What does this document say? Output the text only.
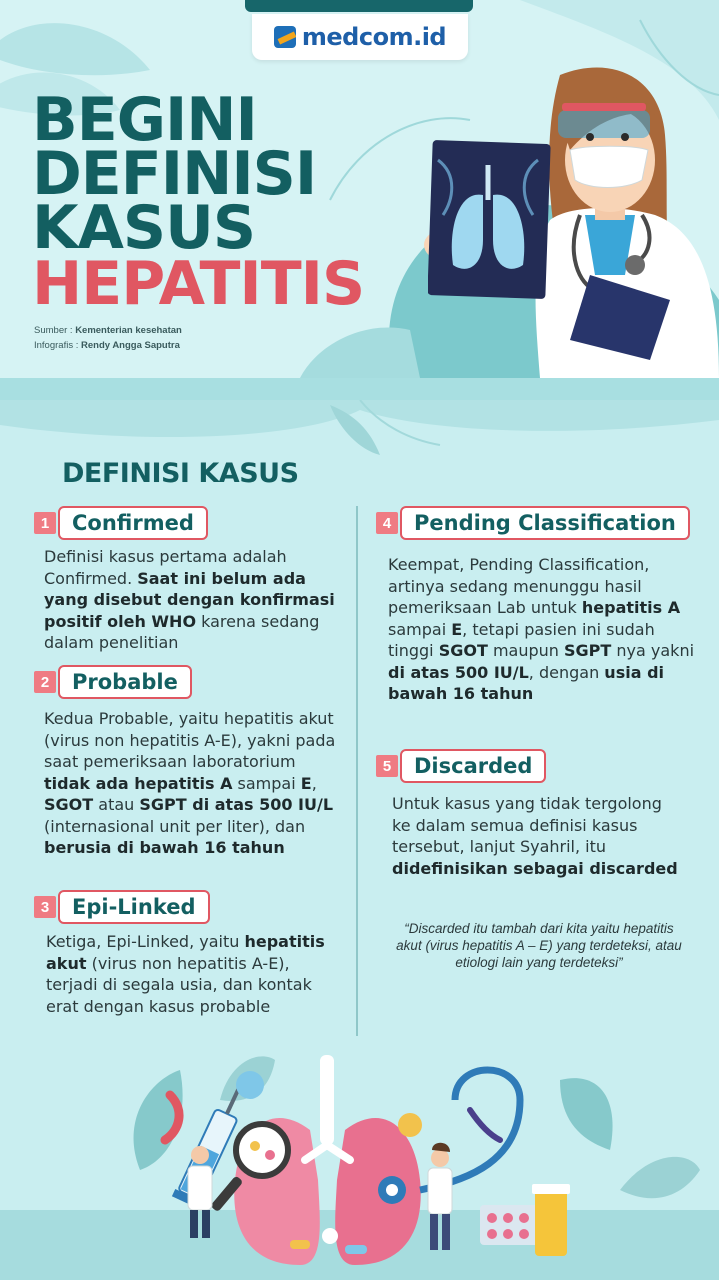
medcom.id
BEGINI
DEFINISI
KASUS
HEPATITIS
Sumber : Kementerian kesehatan
Infografis : Rendy Angga Saputra
DEFINISI KASUS
1	Confirmed
Definisi kasus pertama adalah Confirmed. Saat ini belum ada yang disebut dengan konfirmasi positif oleh WHO karena sedang dalam penelitian
2	Probable
Kedua Probable, yaitu hepatitis akut (virus non hepatitis A-E), yakni pada saat pemeriksaan laboratorium tidak ada hepatitis A sampai E, SGOT atau SGPT di atas 500 IU/L (internasional unit per liter), dan berusia di bawah 16 tahun
3	Epi-Linked
Ketiga, Epi-Linked, yaitu hepatitis akut (virus non hepatitis A-E), terjadi di segala usia, dan kontak erat dengan kasus probable
4	Pending Classification
Keempat, Pending Classification, artinya sedang menunggu hasil pemeriksaan Lab untuk hepatitis A sampai E, tetapi pasien ini sudah tinggi SGOT maupun SGPT nya yakni di atas 500 IU/L, dengan usia di bawah 16 tahun
5	Discarded
Untuk kasus yang tidak tergolong ke dalam semua definisi kasus tersebut, lanjut Syahril, itu didefinisikan sebagai discarded
“Discarded itu tambah dari kita yaitu hepatitis akut (virus hepatitis A – E) yang terdeteksi, atau etiologi lain yang terdeteksi”
